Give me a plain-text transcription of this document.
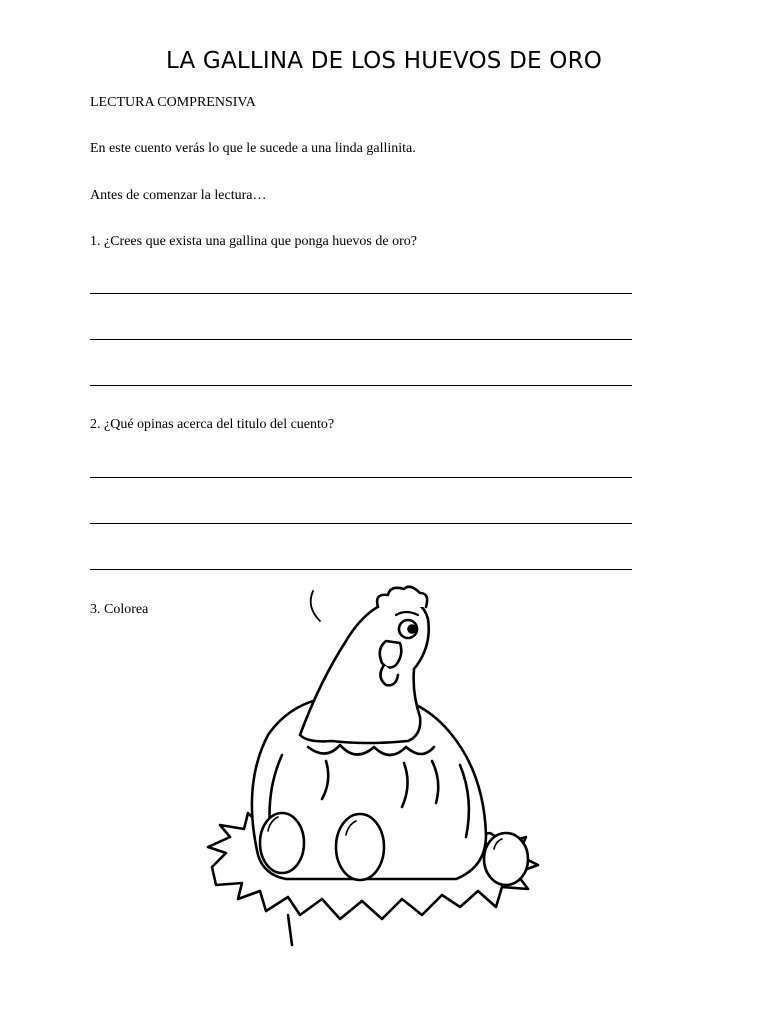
LA GALLINA DE LOS HUEVOS DE ORO
LECTURA COMPRENSIVA
En este cuento verás lo que le sucede a una linda gallinita.
Antes de comenzar la lectura…
1. ¿Crees que exista una gallina que ponga huevos de oro?
2. ¿Qué opinas acerca del titulo del cuento?
3. Colorea
